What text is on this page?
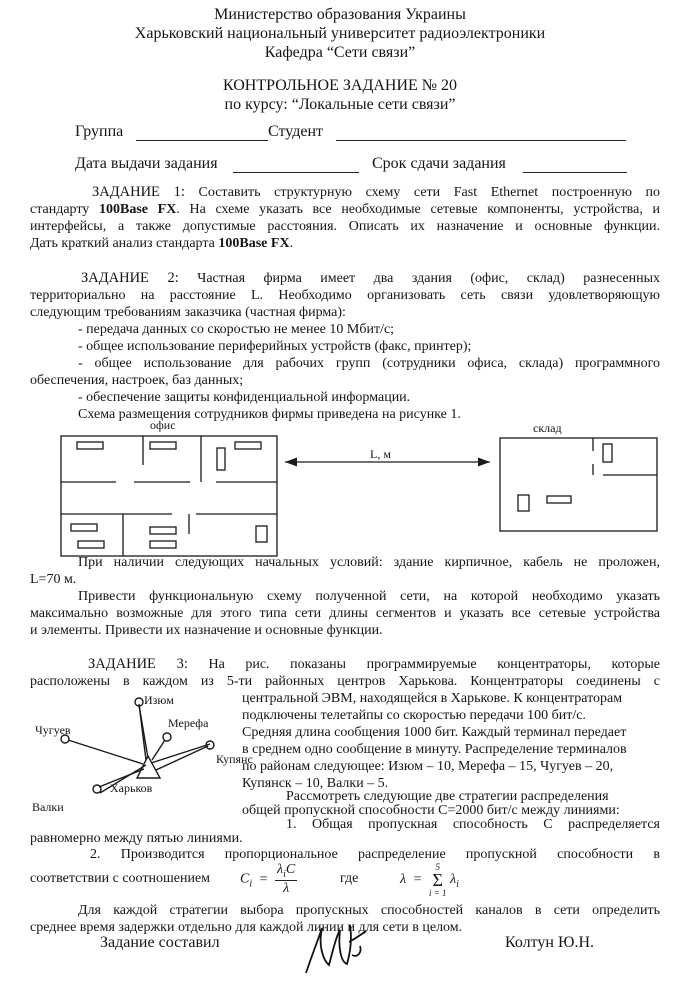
Министерство образования Украины
Харьковский национальный университет радиоэлектроники
Кафедра “Сети связи”
КОНТРОЛЬНОЕ ЗАДАНИЕ № 20
по курсу: “Локальные сети связи”
Группа	Студент
Дата выдачи задания	Срок сдачи задания
ЗАДАНИЕ 1: Составить структурную схему сети Fast Ethernet построенную по
стандарту 100Base FX. На схеме указать все необходимые сетевые компоненты, устройства, и
интерфейсы, а также допустимые расстояния. Описать их назначение и основные функции.
Дать краткий анализ стандарта 100Base FX.
ЗАДАНИЕ 2: Частная фирма имеет два здания (офис, склад) разнесенных
территориально на расстояние L. Необходимо организовать сеть связи удовлетворяющую
следующим требованиям заказчика (частная фирма):
- передача данных со скоростью не менее 10 Мбит/с;
- общее использование периферийных устройств (факс, принтер);
- общее использование для рабочих групп (сотрудники офиса, склада) программного
обеспечения, настроек, баз данных;
- обеспечение защиты конфиденциальной информации.
Схема размещения сотрудников фирмы приведена на рисунке 1.
офис	склад
L, м
При наличии следующих начальных условий: здание кирпичное, кабель не проложен,
L=70 м.
Привести функциональную схему полученной сети, на которой необходимо указать
максимально возможные для этого типа сети длины сегментов и указать все сетевые устройства
и элементы. Привести их назначение и основные функции.
ЗАДАНИЕ 3: На рис. показаны программируемые концентраторы, которые
расположены в каждом из 5-ти районных центров Харькова. Концентраторы соединены с
Изюм
Чугуев	Мерефа
Купянс
Валки
Харьков
центральной ЭВМ, находящейся в Харькове. К концентраторам
подключены телетайпы со скоростью передачи 100 бит/с.
Средняя длина сообщения 1000 бит. Каждый терминал передает
в среднем одно сообщение в минуту. Распределение терминалов
по районам следующее: Изюм – 10, Мерефа – 15, Чугуев – 20,
Купянск – 10, Валки – 5.
Рассмотреть следующие две стратегии распределения
общей пропускной способности С=2000 бит/с между линиями:
1. Общая пропускная способность С распределяется
равномерно между пятью линиями.
2. Производится пропорциональное распределение пропускной способности в
соответствии с соотношением $C_i$ =
$\lambda_iC$
λ
где	λ =
5
Σ
i = 1
$\lambda_i$
Для каждой стратегии выбора пропускных способностей каналов в сети определить
среднее время задержки отдельно для каждой линии и для сети в целом.
Задание составил	Колтун Ю.Н.
